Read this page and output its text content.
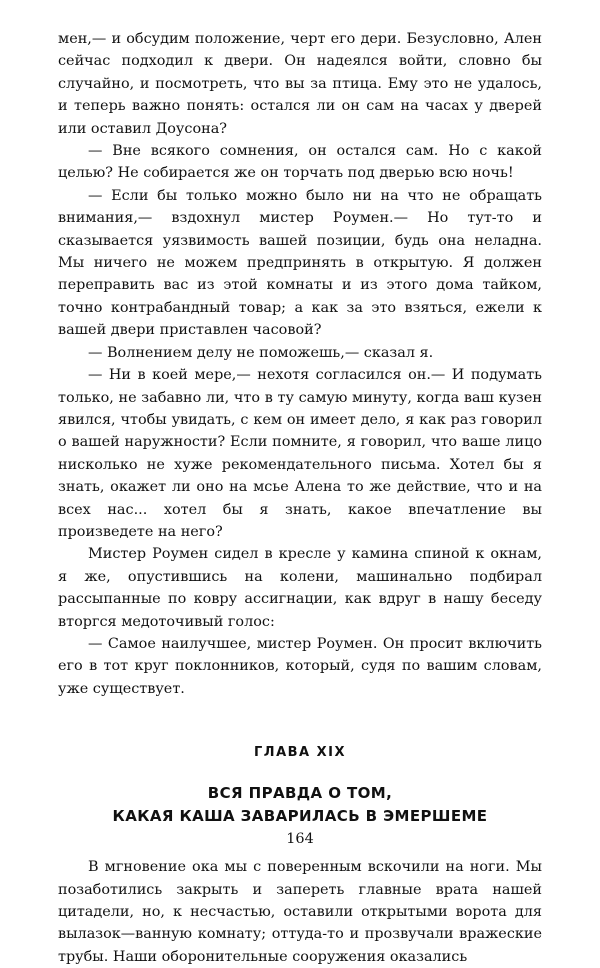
мен,— и обсудим положение, черт его дери. Безусловно, Ален сейчас подходил к двери. Он надеялся войти, словно бы случайно, и посмотреть, что вы за птица. Ему это не удалось, и теперь важно понять: остался ли он сам на часах у дверей или оставил Доусона?

— Вне всякого сомнения, он остался сам. Но с какой целью? Не собирается же он торчать под дверью всю ночь!

— Если бы только можно было ни на что не обращать внимания,— вздохнул мистер Роумен.— Но тут-то и сказывается уязвимость вашей позиции, будь она неладна. Мы ничего не можем предпринять в открытую. Я должен переправить вас из этой комнаты и из этого дома тайком, точно контрабандный товар; а как за это взяться, ежели к вашей двери приставлен часовой?

— Волнением делу не поможешь,— сказал я.

— Ни в коей мере,— нехотя согласился он.— И подумать только, не забавно ли, что в ту самую минуту, когда ваш кузен явился, чтобы увидать, с кем он имеет дело, я как раз говорил о вашей наружности? Если помните, я говорил, что ваше лицо нисколько не хуже рекомендательного письма. Хотел бы я знать, окажет ли оно на мсье Алена то же действие, что и на всех нас... хотел бы я знать, какое впечатление вы произведете на него?

Мистер Роумен сидел в кресле у камина спиной к окнам, я же, опустившись на колени, машинально подбирал рассыпанные по ковру ассигнации, как вдруг в нашу беседу вторгся медоточивый голос:

— Самое наилучшее, мистер Роумен. Он просит включить его в тот круг поклонников, который, судя по вашим словам, уже существует.

ГЛАВА XIX
ВСЯ ПРАВДА О ТОМ,
КАКАЯ КАША ЗАВАРИЛАСЬ В ЭМЕРШЕМЕ

В мгновение ока мы с поверенным вскочили на ноги. Мы позаботились закрыть и запереть главные врата нашей цитадели, но, к несчастью, оставили открытыми ворота для вылазок—ванную комнату; оттуда-то и прозвучали вражеские трубы. Наши оборонительные сооружения оказались

164
